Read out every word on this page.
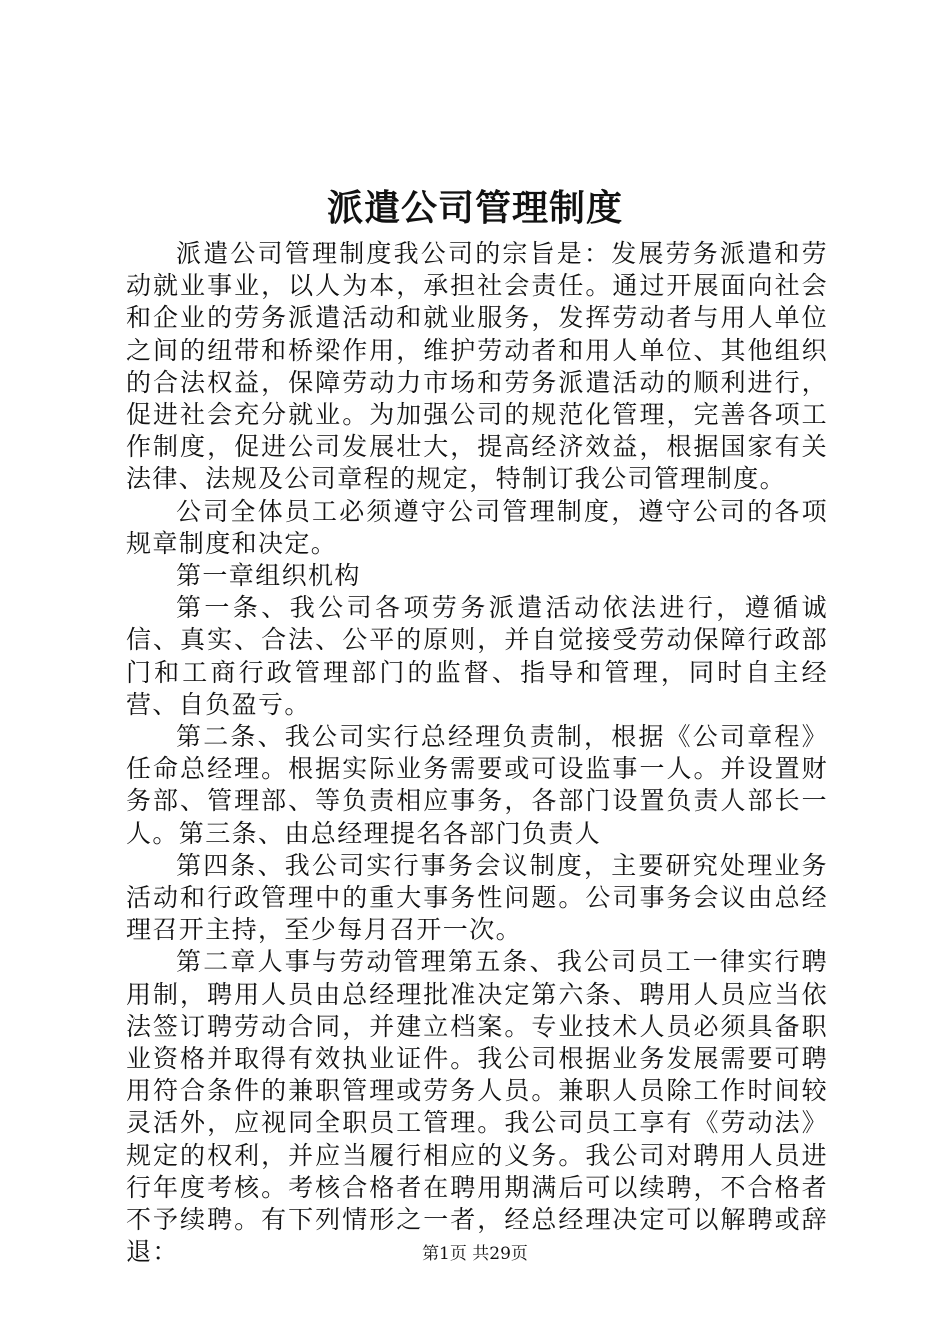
派遣公司管理制度

派遣公司管理制度我公司的宗旨是：发展劳务派遣和劳动就业事业，以人为本，承担社会责任。通过开展面向社会和企业的劳务派遣活动和就业服务，发挥劳动者与用人单位之间的纽带和桥梁作用，维护劳动者和用人单位、其他组织的合法权益，保障劳动力市场和劳务派遣活动的顺利进行，促进社会充分就业。为加强公司的规范化管理，完善各项工作制度，促进公司发展壮大，提高经济效益，根据国家有关法律、法规及公司章程的规定，特制订我公司管理制度。

公司全体员工必须遵守公司管理制度，遵守公司的各项规章制度和决定。

第一章组织机构

第一条、我公司各项劳务派遣活动依法进行，遵循诚信、真实、合法、公平的原则，并自觉接受劳动保障行政部门和工商行政管理部门的监督、指导和管理，同时自主经营、自负盈亏。

第二条、我公司实行总经理负责制，根据《公司章程》任命总经理。根据实际业务需要或可设监事一人。并设置财务部、管理部、等负责相应事务，各部门设置负责人部长一人。第三条、由总经理提名各部门负责人

第四条、我公司实行事务会议制度，主要研究处理业务活动和行政管理中的重大事务性问题。公司事务会议由总经理召开主持，至少每月召开一次。

第二章人事与劳动管理第五条、我公司员工一律实行聘用制，聘用人员由总经理批准决定第六条、聘用人员应当依法签订聘劳动合同，并建立档案。专业技术人员必须具备职业资格并取得有效执业证件。我公司根据业务发展需要可聘用符合条件的兼职管理或劳务人员。兼职人员除工作时间较灵活外，应视同全职员工管理。我公司员工享有《劳动法》规定的权利，并应当履行相应的义务。我公司对聘用人员进行年度考核。考核合格者在聘用期满后可以续聘，不合格者不予续聘。有下列情形之一者，经总经理决定可以解聘或辞退：	第1页 共29页
